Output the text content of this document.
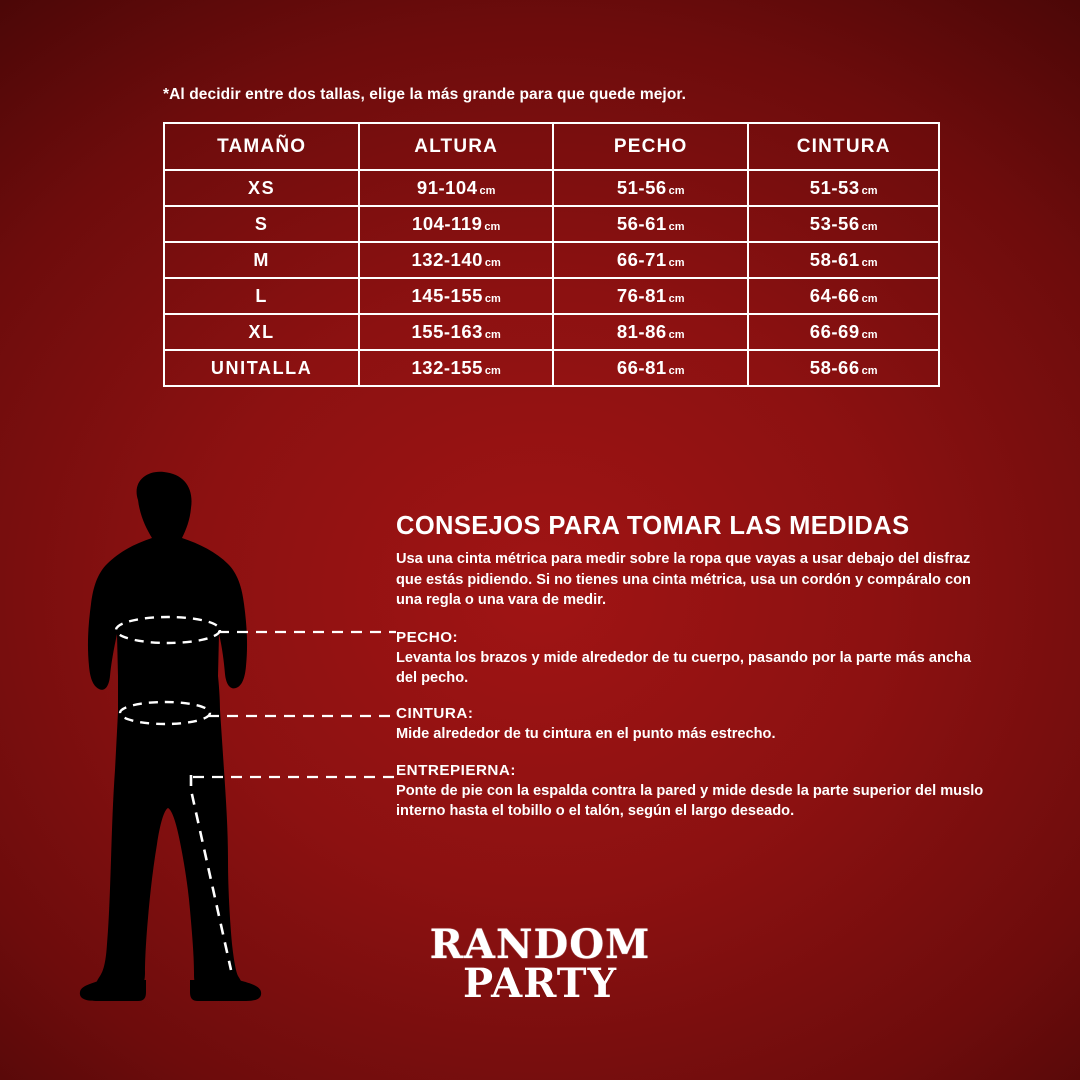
*Al decidir entre dos tallas, elige la más grande para que quede mejor.
TAMAÑO	ALTURA	PECHO	CINTURA
XS	91-104 cm	51-56 cm	51-53 cm
S	104-119 cm	56-61 cm	53-56 cm
M	132-140 cm	66-71 cm	58-61 cm
L	145-155 cm	76-81 cm	64-66 cm
XL	155-163 cm	81-86 cm	66-69 cm
UNITALLA	132-155 cm	66-81 cm	58-66 cm
CONSEJOS PARA TOMAR LAS MEDIDAS

Usa una cinta métrica para medir sobre la ropa que vayas a usar debajo del disfraz que estás pidiendo. Si no tienes una cinta métrica, usa un cordón y compáralo con una regla o una vara de medir.

PECHO:
Levanta los brazos y mide alrededor de tu cuerpo, pasando por la parte más ancha del pecho.
CINTURA:
Mide alrededor de tu cintura en el punto más estrecho.
ENTREPIERNA:
Ponte de pie con la espalda contra la pared y mide desde la parte superior del muslo interno hasta el tobillo o el talón, según el largo deseado.
RANDOM
PARTY
